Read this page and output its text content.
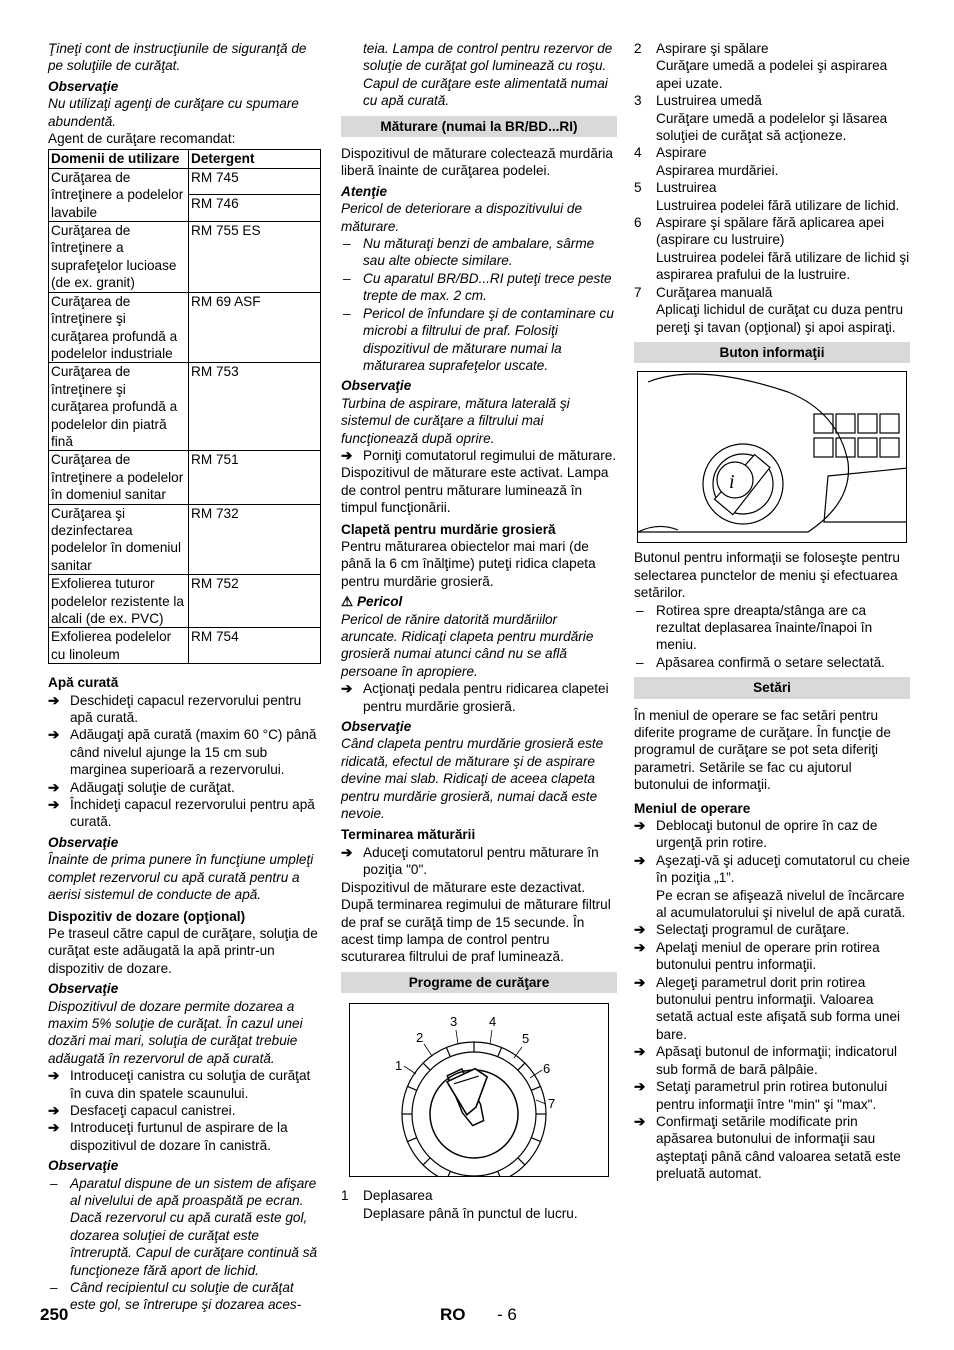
Ţineţi cont de instrucţiunile de siguranţă de pe soluţiile de curăţat.

Observaţie

Nu utilizaţi agenţi de curăţare cu spumare abundentă.

Agent de curăţare recomandat:

Domenii de utilizare	Detergent
Curăţarea de întreţinere a podelelor lavabile	RM 745
	RM 746
Curăţarea de întreţinere a suprafeţelor lucioase (de ex. granit)	RM 755 ES
Curăţarea de întreţinere şi curăţarea profundă a podelelor industriale	RM 69 ASF
Curăţarea de întreţinere şi curăţarea profundă a podelelor din piatră fină	RM 753
Curăţarea de întreţinere a podelelor în domeniul sanitar	RM 751
Curăţarea şi dezinfectarea podelelor în domeniul sanitar	RM 732
Exfolierea tuturor podelelor rezistente la alcali (de ex. PVC)	RM 752
Exfolierea podelelor cu linoleum	RM 754

Apă curată

➔ Deschideţi capacul rezervorului pentru apă curată.

➔ Adăugaţi apă curată (maxim 60 °C) până când nivelul ajunge la 15 cm sub marginea superioară a rezervorului.

➔ Adăugaţi soluţie de curăţat.

➔ Închideţi capacul rezervorului pentru apă curată.

Observaţie

Înainte de prima punere în funcţiune umpleţi complet rezervorul cu apă curată pentru a aerisi sistemul de conducte de apă.

Dispozitiv de dozare (opţional)

Pe traseul către capul de curăţare, soluţia de curăţat este adăugată la apă printr-un dispozitiv de dozare.

Observaţie

Dispozitivul de dozare permite dozarea a maxim 5% soluţie de curăţat. În cazul unei dozări mai mari, soluţia de curăţat trebuie adăugată în rezervorul de apă curată.

➔ Introduceţi canistra cu soluţia de curăţat în cuva din spatele scaunului.

➔ Desfaceţi capacul canistrei.

➔ Introduceţi furtunul de aspirare de la dispozitivul de dozare în canistră.

Observaţie

– Aparatul dispune de un sistem de afişare al nivelului de apă proaspătă pe ecran. Dacă rezervorul cu apă curată este gol, dozarea soluţiei de curăţat este întreruptă. Capul de curăţare continuă să funcţioneze fără aport de lichid.

– Când recipientul cu soluţie de curăţat este gol, se întrerupe şi dozarea aces-

teia. Lampa de control pentru rezervor de soluţie de curăţat gol luminează cu roşu. Capul de curăţare este alimentată numai cu apă curată.

Măturare (numai la BR/BD...RI)

Dispozitivul de măturare colectează murdăria liberă înainte de curăţarea podelei.

Atenţie

Pericol de deteriorare a dispozitivului de măturare.

– Nu măturaţi benzi de ambalare, sârme sau alte obiecte similare.

– Cu aparatul BR/BD...RI puteţi trece peste trepte de max. 2 cm.

– Pericol de înfundare şi de contaminare cu microbi a filtrului de praf. Folosiţi dispozitivul de măturare numai la măturarea suprafeţelor uscate.

Observaţie

Turbina de aspirare, mătura laterală şi sistemul de curăţare a filtrului mai funcţionează după oprire.

➔ Porniţi comutatorul regimului de măturare.

Dispozitivul de măturare este activat. Lampa de control pentru măturare luminează în timpul funcţionării.

Clapetă pentru murdărie grosieră

Pentru măturarea obiectelor mai mari (de până la 6 cm înălţime) puteţi ridica clapeta pentru murdărie grosieră.

⚠ Pericol

Pericol de rănire datorită murdăriilor aruncate. Ridicaţi clapeta pentru murdărie grosieră numai atunci când nu se află persoane în apropiere.

➔ Acţionaţi pedala pentru ridicarea clapetei pentru murdărie grosieră.

Observaţie

Când clapeta pentru murdărie grosieră este ridicată, efectul de măturare şi de aspirare devine mai slab. Ridicaţi de aceea clapeta pentru murdărie grosieră, numai dacă este nevoie.

Terminarea măturării

➔ Aduceţi comutatorul pentru măturare în poziţia "0".

Dispozitivul de măturare este dezactivat. După terminarea regimului de măturare filtrul de praf se curăţă timp de 15 secunde. În acest timp lampa de control pentru scuturarea filtrului de praf luminează.

Programe de curăţare
1
2
3 4
5
6
7
1 Deplasarea

Deplasare până în punctul de lucru.

2 Aspirare şi spălare

Curăţare umedă a podelei şi aspirarea apei uzate.

3 Lustruirea umedă

Curăţare umedă a podelelor şi lăsarea soluţiei de curăţat să acţioneze.

4 Aspirare

Aspirarea murdăriei.

5 Lustruirea

Lustruirea podelei fără utilizare de lichid.

6 Aspirare şi spălare fără aplicarea apei (aspirare cu lustruire)

Lustruirea podelei fără utilizare de lichid şi aspirarea prafului de la lustruire.

7 Curăţarea manuală

Aplicaţi lichidul de curăţat cu duza pentru pereţi şi tavan (opţional) şi apoi aspiraţi.

Buton informaţii
i

Butonul pentru informaţii se foloseşte pentru selectarea punctelor de meniu şi efectuarea setărilor.

– Rotirea spre dreapta/stânga are ca rezultat deplasarea înainte/înapoi în meniu.

– Apăsarea confirmă o setare selectată.

Setări

În meniul de operare se fac setări pentru diferite programe de curăţare. În funcţie de programul de curăţare se pot seta diferiţi parametri. Setările se fac cu ajutorul butonului de informaţii.

Meniul de operare

➔ Deblocaţi butonul de oprire în caz de urgenţă prin rotire.

➔ Aşezaţi-vă şi aduceţi comutatorul cu cheie în poziţia „1”.

Pe ecran se afişează nivelul de încărcare al acumulatorului şi nivelul de apă curată.

➔ Selectaţi programul de curăţare.

➔ Apelaţi meniul de operare prin rotirea butonului pentru informaţii.

➔ Alegeţi parametrul dorit prin rotirea butonului pentru informaţii. Valoarea setată actual este afişată sub forma unei bare.

➔ Apăsaţi butonul de informaţii; indicatorul sub formă de bară pâlpâie.

➔ Setaţi parametrul prin rotirea butonului pentru informaţii între "min" şi "max".

➔ Confirmaţi setările modificate prin apăsarea butonului de informaţii sau aşteptaţi până când valoarea setată este preluată automat.

250	RO - 6
